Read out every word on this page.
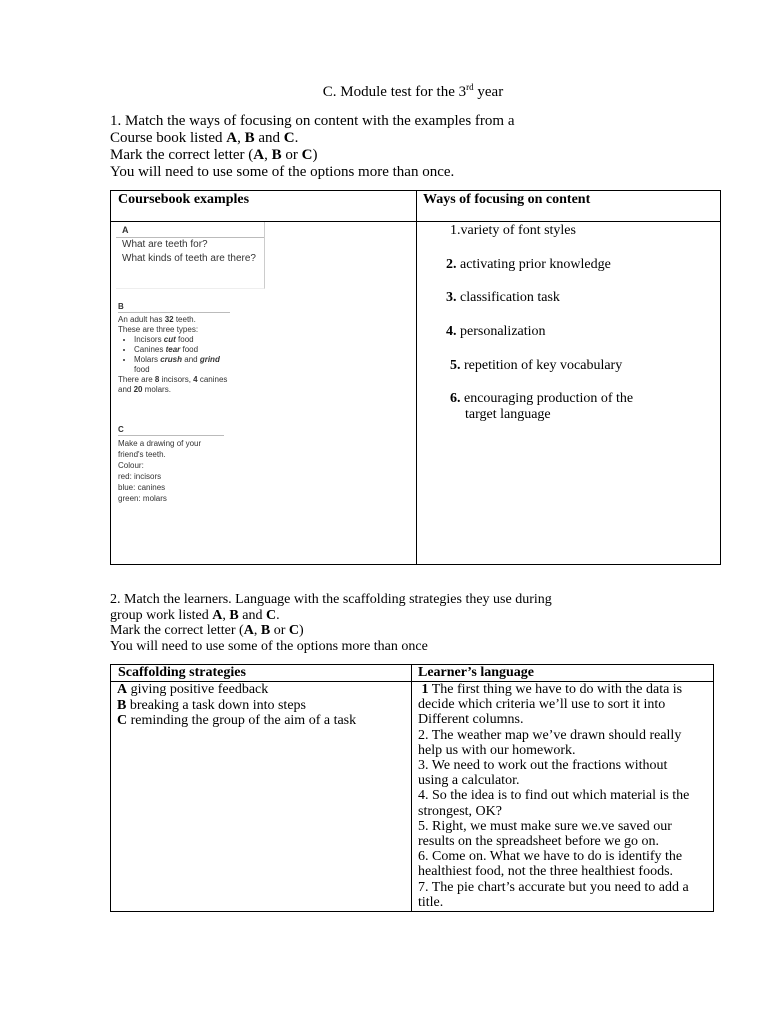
C. Module test for the 3rd year
1. Match the ways of focusing on content with the examples from a
Course book listed A, B and C.
Mark the correct letter (A, B or C)
You will need to use some of the options more than once.
Coursebook examples	Ways of focusing on content
1.variety of font styles
2. activating prior knowledge
3. classification task
4. personalization
5. repetition of key vocabulary
6. encouraging production of the
target language
A
What are teeth for?
What kinds of teeth are there?
B
An adult has 32 teeth.
These are three types:
• Incisors cut food
• Canines tear food
• Molars crush and grind food
There are 8 incisors, 4 canines and 20 molars.
C
Make a drawing of your friend's teeth.
Colour:
red: incisors
blue: canines
green: molars
2. Match the learners. Language with the scaffolding strategies they use during
group work listed A, B and C.
Mark the correct letter (A, B or C)
You will need to use some of the options more than once
Scaffolding strategies	Learner’s language
A giving positive feedback
B breaking a task down into steps
C reminding the group of the aim of a task
1 The first thing we have to do with the data is
decide which criteria we’ll use to sort it into
Different columns.
2. The weather map we’ve drawn should really
help us with our homework.
3. We need to work out the fractions without
using a calculator.
4. So the idea is to find out which material is the
strongest, OK?
5. Right, we must make sure we.ve saved our
results on the spreadsheet before we go on.
6. Come on. What we have to do is identify the
healthiest food, not the three healthiest foods.
7. The pie chart’s accurate but you need to add a
title.
